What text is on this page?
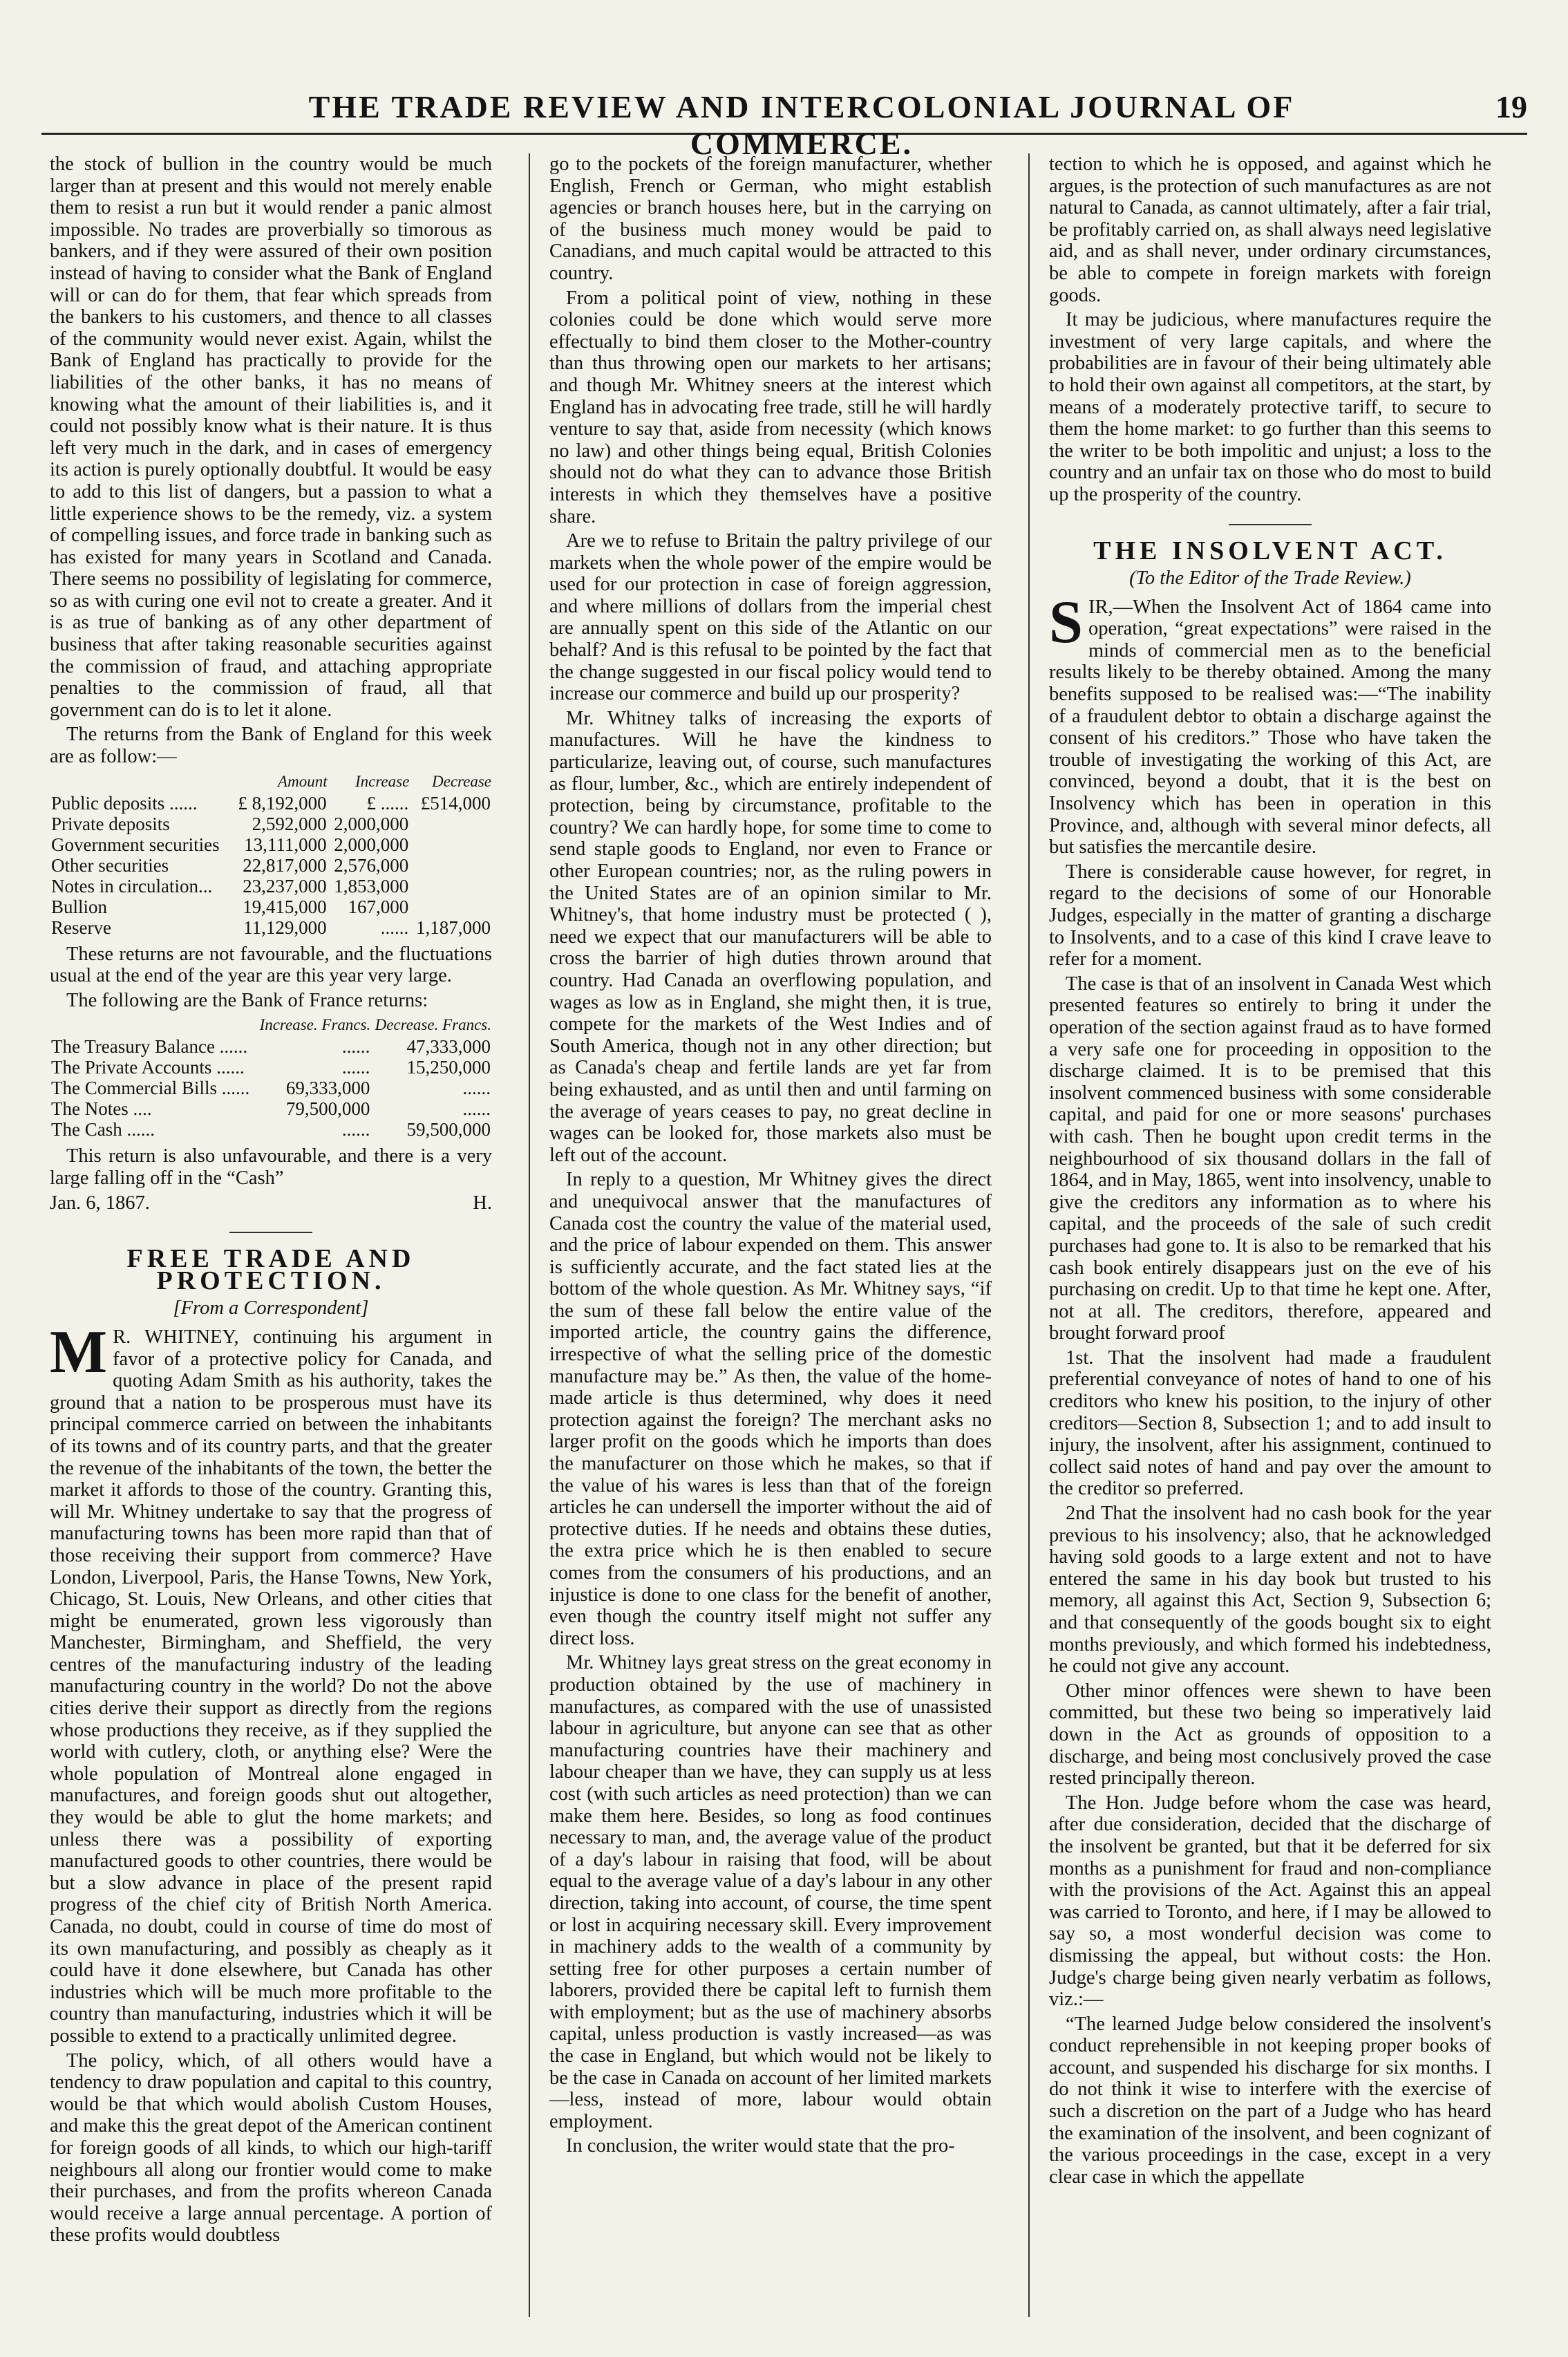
THE TRADE REVIEW AND INTERCOLONIAL JOURNAL OF COMMERCE.
19

the stock of bullion in the country would be much larger than at present and this would not merely enable them to resist a run but it would render a panic almost impossible. No trades are proverbially so timorous as bankers, and if they were assured of their own position instead of having to consider what the Bank of England will or can do for them, that fear which spreads from the bankers to his customers, and thence to all classes of the community would never exist. Again, whilst the Bank of England has practically to provide for the liabilities of the other banks, it has no means of knowing what the amount of their liabilities is, and it could not possibly know what is their nature. It is thus left very much in the dark, and in cases of emergency its action is purely optionally doubtful. It would be easy to add to this list of dangers, but a passion to what a little experience shows to be the remedy, viz. a system of compelling issues, and force trade in banking such as has existed for many years in Scotland and Canada. There seems no possibility of legislating for commerce, so as with curing one evil not to create a greater. And it is as true of banking as of any other department of business that after taking reasonable securities against the commission of fraud, and attaching appropriate penalties to the commission of fraud, all that government can do is to let it alone.

The returns from the Bank of England for this week are as follow:—

	Amount	Increase	Decrease
Public deposits ......	£ 8,192,000	£ ......	£514,000
Private deposits	2,592,000	2,000,000	
Government securities	13,111,000	2,000,000	
Other securities	22,817,000	2,576,000	
Notes in circulation...	23,237,000	1,853,000	
Bullion	19,415,000	167,000	
Reserve	11,129,000	......	1,187,000

These returns are not favourable, and the fluctuations usual at the end of the year are this year very large.

The following are the Bank of France returns:

	Increase. Francs.	Decrease. Francs.
The Treasury Balance ......	......	47,333,000
The Private Accounts ......	......	15,250,000
The Commercial Bills ......	69,333,000	......
The Notes ....	79,500,000	......
The Cash ......	......	59,500,000

This return is also unfavourable, and there is a very large falling off in the “Cash”

Jan. 6, 1867.	H.
FREE TRADE AND PROTECTION.
[From a Correspondent]

M R. WHITNEY, continuing his argument in favor of a protective policy for Canada, and quoting Adam Smith as his authority, takes the ground that a nation to be prosperous must have its principal commerce carried on between the inhabitants of its towns and of its country parts, and that the greater the revenue of the inhabitants of the town, the better the market it affords to those of the country. Granting this, will Mr. Whitney undertake to say that the progress of manufacturing towns has been more rapid than that of those receiving their support from commerce? Have London, Liverpool, Paris, the Hanse Towns, New York, Chicago, St. Louis, New Orleans, and other cities that might be enumerated, grown less vigorously than Manchester, Birmingham, and Sheffield, the very centres of the manufacturing industry of the leading manufacturing country in the world? Do not the above cities derive their support as directly from the regions whose productions they receive, as if they supplied the world with cutlery, cloth, or anything else? Were the whole population of Montreal alone engaged in manufactures, and foreign goods shut out altogether, they would be able to glut the home markets; and unless there was a possibility of exporting manufactured goods to other countries, there would be but a slow advance in place of the present rapid progress of the chief city of British North America. Canada, no doubt, could in course of time do most of its own manufacturing, and possibly as cheaply as it could have it done elsewhere, but Canada has other industries which will be much more profitable to the country than manufacturing, industries which it will be possible to extend to a practically unlimited degree.

The policy, which, of all others would have a tendency to draw population and capital to this country, would be that which would abolish Custom Houses, and make this the great depot of the American continent for foreign goods of all kinds, to which our high-tariff neighbours all along our frontier would come to make their purchases, and from the profits whereon Canada would receive a large annual percentage. A portion of these profits would doubtless

go to the pockets of the foreign manufacturer, whether English, French or German, who might establish agencies or branch houses here, but in the carrying on of the business much money would be paid to Canadians, and much capital would be attracted to this country.

From a political point of view, nothing in these colonies could be done which would serve more effectually to bind them closer to the Mother-country than thus throwing open our markets to her artisans; and though Mr. Whitney sneers at the interest which England has in advocating free trade, still he will hardly venture to say that, aside from necessity (which knows no law) and other things being equal, British Colonies should not do what they can to advance those British interests in which they themselves have a positive share.

Are we to refuse to Britain the paltry privilege of our markets when the whole power of the empire would be used for our protection in case of foreign aggression, and where millions of dollars from the imperial chest are annually spent on this side of the Atlantic on our behalf? And is this refusal to be pointed by the fact that the change suggested in our fiscal policy would tend to increase our commerce and build up our prosperity?

Mr. Whitney talks of increasing the exports of manufactures. Will he have the kindness to particularize, leaving out, of course, such manufactures as flour, lumber, &c., which are entirely independent of protection, being by circumstance, profitable to the country? We can hardly hope, for some time to come to send staple goods to England, nor even to France or other European countries; nor, as the ruling powers in the United States are of an opinion similar to Mr. Whitney's, that home industry must be protected ( ), need we expect that our manufacturers will be able to cross the barrier of high duties thrown around that country. Had Canada an overflowing population, and wages as low as in England, she might then, it is true, compete for the markets of the West Indies and of South America, though not in any other direction; but as Canada's cheap and fertile lands are yet far from being exhausted, and as until then and until farming on the average of years ceases to pay, no great decline in wages can be looked for, those markets also must be left out of the account.

In reply to a question, Mr Whitney gives the direct and unequivocal answer that the manufactures of Canada cost the country the value of the material used, and the price of labour expended on them. This answer is sufficiently accurate, and the fact stated lies at the bottom of the whole question. As Mr. Whitney says, “if the sum of these fall below the entire value of the imported article, the country gains the difference, irrespective of what the selling price of the domestic manufacture may be.” As then, the value of the home-made article is thus determined, why does it need protection against the foreign? The merchant asks no larger profit on the goods which he imports than does the manufacturer on those which he makes, so that if the value of his wares is less than that of the foreign articles he can undersell the importer without the aid of protective duties. If he needs and obtains these duties, the extra price which he is then enabled to secure comes from the consumers of his productions, and an injustice is done to one class for the benefit of another, even though the country itself might not suffer any direct loss.

Mr. Whitney lays great stress on the great economy in production obtained by the use of machinery in manufactures, as compared with the use of unassisted labour in agriculture, but anyone can see that as other manufacturing countries have their machinery and labour cheaper than we have, they can supply us at less cost (with such articles as need protection) than we can make them here. Besides, so long as food continues necessary to man, and, the average value of the product of a day's labour in raising that food, will be about equal to the average value of a day's labour in any other direction, taking into account, of course, the time spent or lost in acquiring necessary skill. Every improvement in machinery adds to the wealth of a community by setting free for other purposes a certain number of laborers, provided there be capital left to furnish them with employment; but as the use of machinery absorbs capital, unless production is vastly increased—as was the case in England, but which would not be likely to be the case in Canada on account of her limited markets—less, instead of more, labour would obtain employment.

In conclusion, the writer would state that the pro-

tection to which he is opposed, and against which he argues, is the protection of such manufactures as are not natural to Canada, as cannot ultimately, after a fair trial, be profitably carried on, as shall always need legislative aid, and as shall never, under ordinary circumstances, be able to compete in foreign markets with foreign goods.

It may be judicious, where manufactures require the investment of very large capitals, and where the probabilities are in favour of their being ultimately able to hold their own against all competitors, at the start, by means of a moderately protective tariff, to secure to them the home market: to go further than this seems to the writer to be both impolitic and unjust; a loss to the country and an unfair tax on those who do most to build up the prosperity of the country.

THE INSOLVENT ACT.
(To the Editor of the Trade Review.)

SIR,—When the Insolvent Act of 1864 came into operation, “great expectations” were raised in the minds of commercial men as to the beneficial results likely to be thereby obtained. Among the many benefits supposed to be realised was:—“The inability of a fraudulent debtor to obtain a discharge against the consent of his creditors.” Those who have taken the trouble of investigating the working of this Act, are convinced, beyond a doubt, that it is the best on Insolvency which has been in operation in this Province, and, although with several minor defects, all but satisfies the mercantile desire.

There is considerable cause however, for regret, in regard to the decisions of some of our Honorable Judges, especially in the matter of granting a discharge to Insolvents, and to a case of this kind I crave leave to refer for a moment.

The case is that of an insolvent in Canada West which presented features so entirely to bring it under the operation of the section against fraud as to have formed a very safe one for proceeding in opposition to the discharge claimed. It is to be premised that this insolvent commenced business with some considerable capital, and paid for one or more seasons' purchases with cash. Then he bought upon credit terms in the neighbourhood of six thousand dollars in the fall of 1864, and in May, 1865, went into insolvency, unable to give the creditors any information as to where his capital, and the proceeds of the sale of such credit purchases had gone to. It is also to be remarked that his cash book entirely disappears just on the eve of his purchasing on credit. Up to that time he kept one. After, not at all. The creditors, therefore, appeared and brought forward proof

1st. That the insolvent had made a fraudulent preferential conveyance of notes of hand to one of his creditors who knew his position, to the injury of other creditors—Section 8, Subsection 1; and to add insult to injury, the insolvent, after his assignment, continued to collect said notes of hand and pay over the amount to the creditor so preferred.

2nd That the insolvent had no cash book for the year previous to his insolvency; also, that he acknowledged having sold goods to a large extent and not to have entered the same in his day book but trusted to his memory, all against this Act, Section 9, Subsection 6; and that consequently of the goods bought six to eight months previously, and which formed his indebtedness, he could not give any account.

Other minor offences were shewn to have been committed, but these two being so imperatively laid down in the Act as grounds of opposition to a discharge, and being most conclusively proved the case rested principally thereon.

The Hon. Judge before whom the case was heard, after due consideration, decided that the discharge of the insolvent be granted, but that it be deferred for six months as a punishment for fraud and non-compliance with the provisions of the Act. Against this an appeal was carried to Toronto, and here, if I may be allowed to say so, a most wonderful decision was come to dismissing the appeal, but without costs: the Hon. Judge's charge being given nearly verbatim as follows, viz.:—

“The learned Judge below considered the insolvent's conduct reprehensible in not keeping proper books of account, and suspended his discharge for six months. I do not think it wise to interfere with the exercise of such a discretion on the part of a Judge who has heard the examination of the insolvent, and been cognizant of the various proceedings in the case, except in a very clear case in which the appellate
